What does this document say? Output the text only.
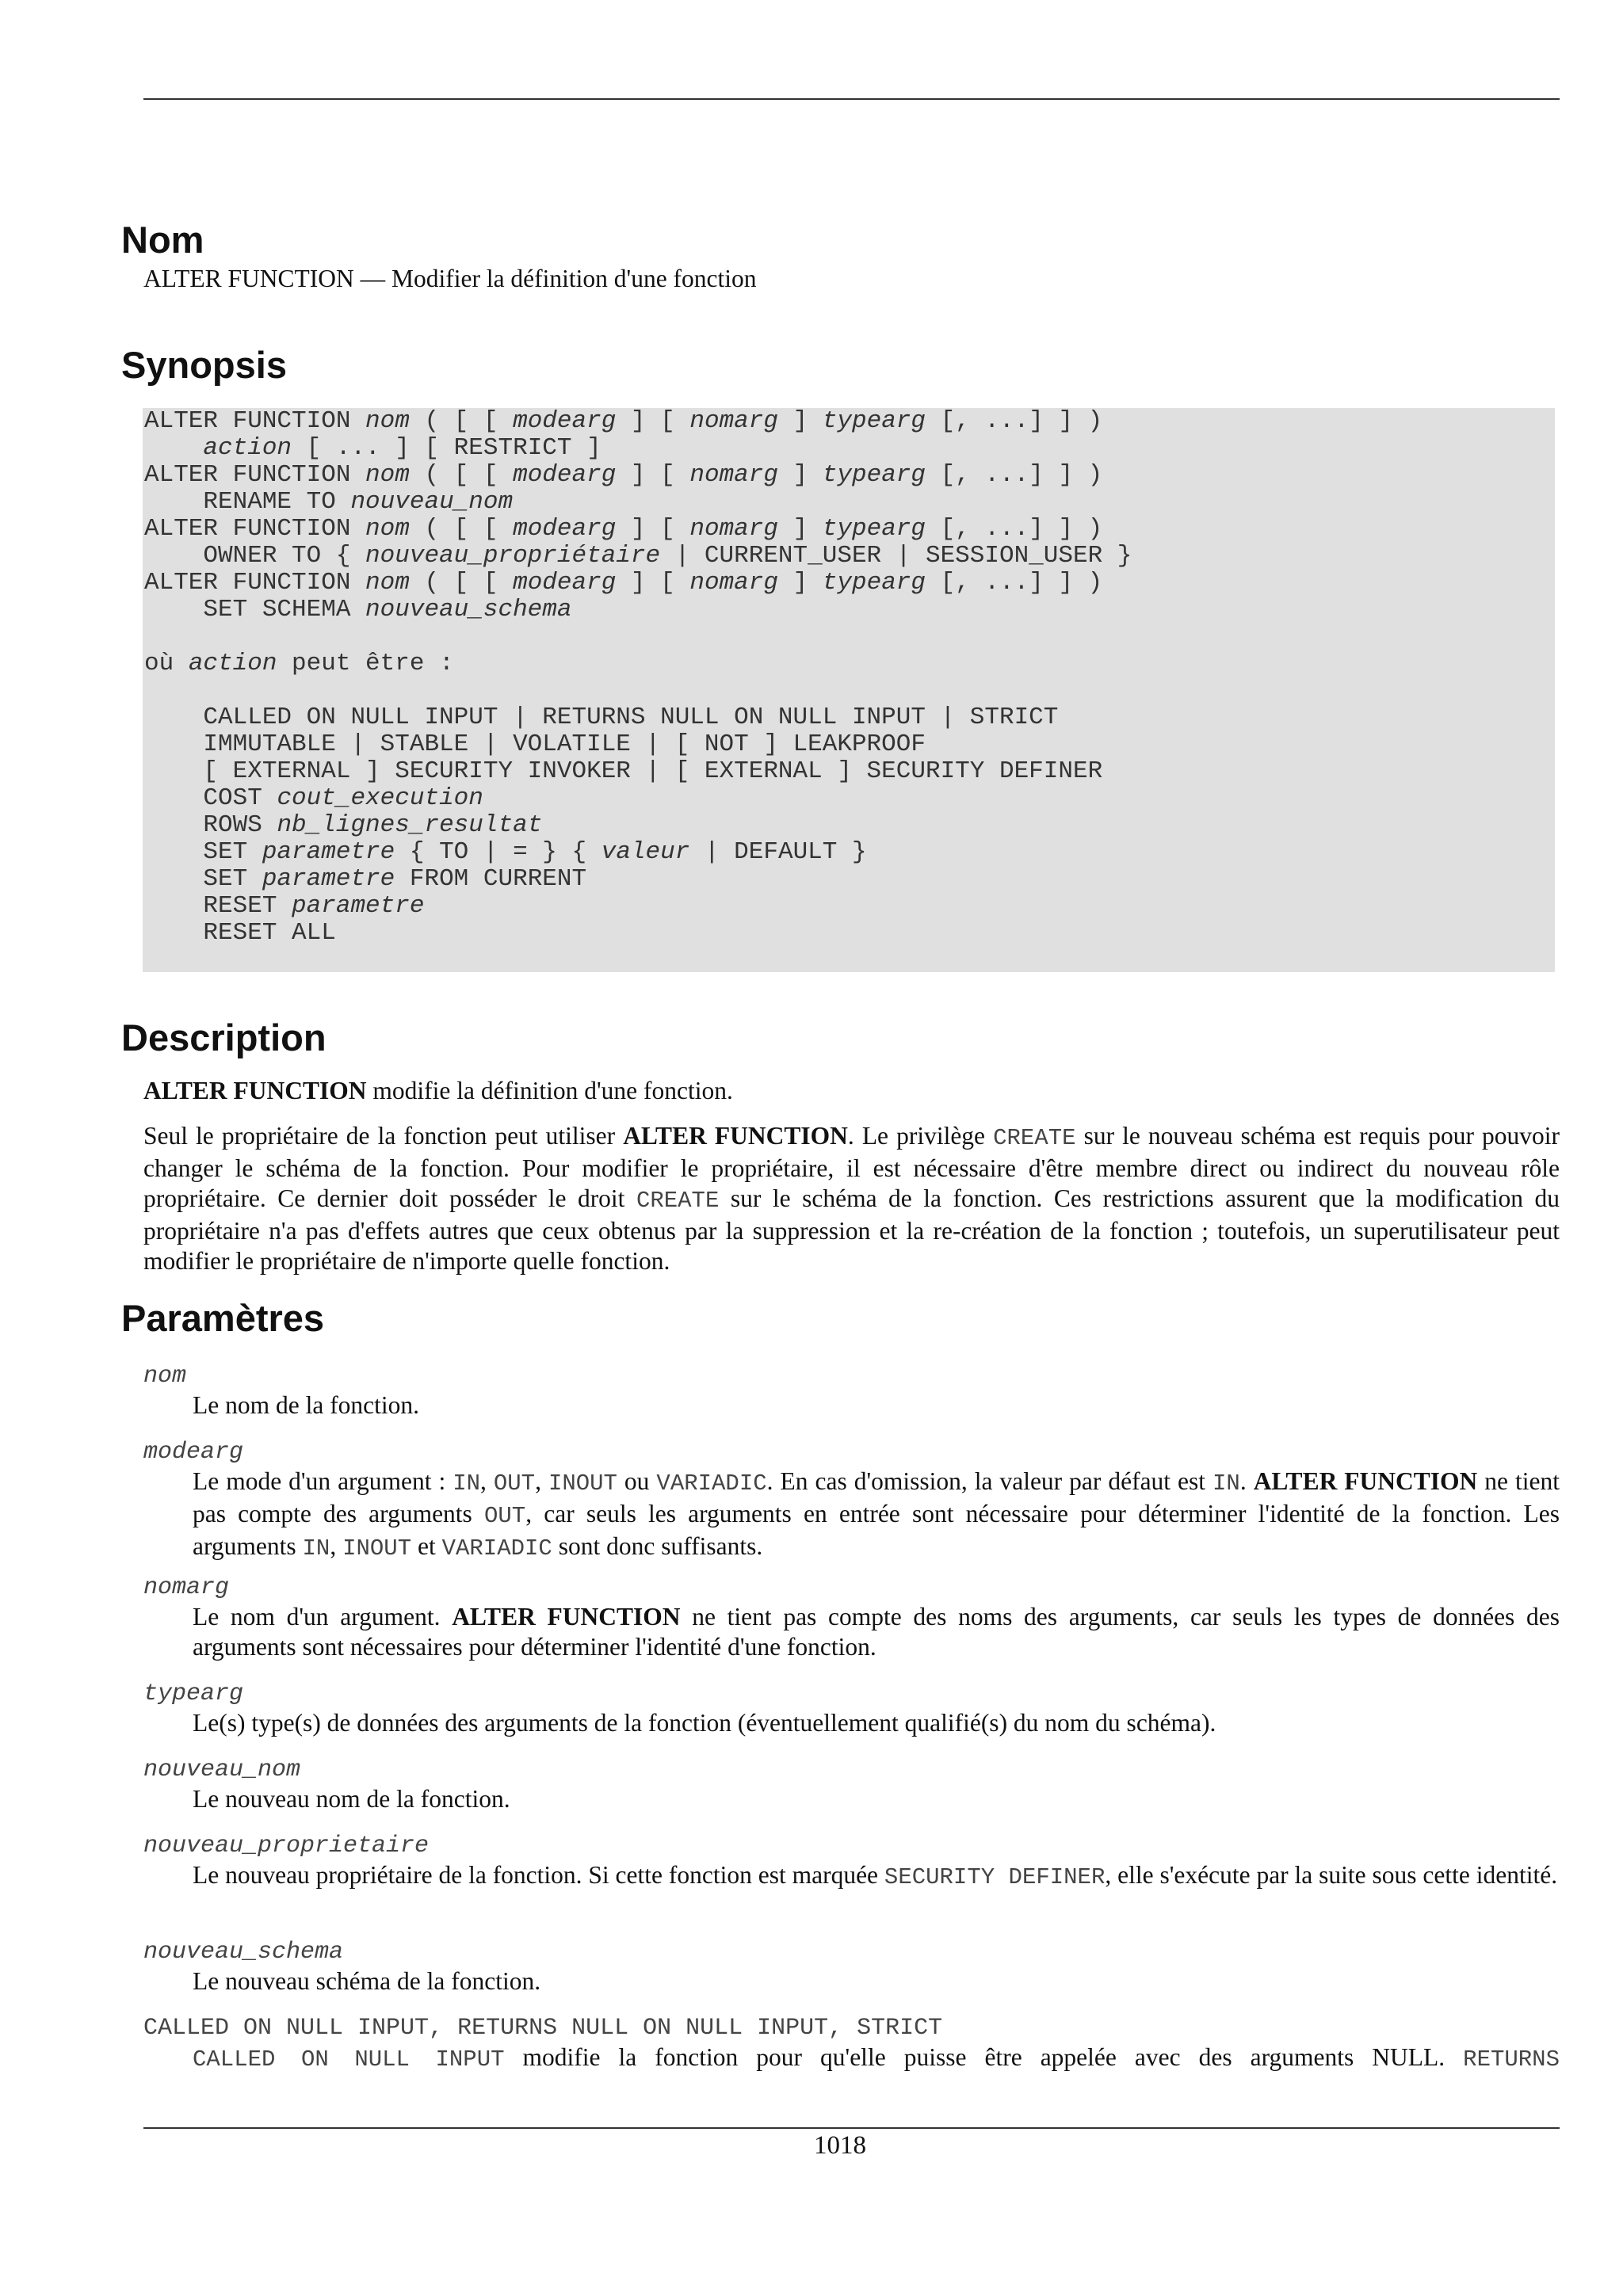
Nom

ALTER FUNCTION — Modifier la définition d'une fonction

Synopsis
ALTER FUNCTION nom ( [ [ modearg ] [ nomarg ] typearg [, ...] ] )
action [ ... ] [ RESTRICT ]
ALTER FUNCTION nom ( [ [ modearg ] [ nomarg ] typearg [, ...] ] )
RENAME TO nouveau_nom
ALTER FUNCTION nom ( [ [ modearg ] [ nomarg ] typearg [, ...] ] )
OWNER TO { nouveau_propriétaire | CURRENT_USER | SESSION_USER }
ALTER FUNCTION nom ( [ [ modearg ] [ nomarg ] typearg [, ...] ] )
SET SCHEMA nouveau_schema

où action peut être :

CALLED ON NULL INPUT | RETURNS NULL ON NULL INPUT | STRICT
IMMUTABLE | STABLE | VOLATILE | [ NOT ] LEAKPROOF
[ EXTERNAL ] SECURITY INVOKER | [ EXTERNAL ] SECURITY DEFINER
COST cout_execution
ROWS nb_lignes_resultat
SET parametre { TO | = } { valeur | DEFAULT }
SET parametre FROM CURRENT
RESET parametre
RESET ALL
Description

ALTER FUNCTION modifie la définition d'une fonction.

Seul le propriétaire de la fonction peut utiliser ALTER FUNCTION. Le privilège CREATE sur le nouveau schéma est requis pour pouvoir changer le schéma de la fonction. Pour modifier le propriétaire, il est nécessaire d'être membre direct ou indirect du nouveau rôle propriétaire. Ce dernier doit posséder le droit CREATE sur le schéma de la fonction. Ces restrictions assurent que la modification du propriétaire n'a pas d'effets autres que ceux obtenus par la suppression et la re-création de la fonction ; toutefois, un superutilisateur peut modifier le propriétaire de n'importe quelle fonction.

Paramètres
nom

Le nom de la fonction.

modearg

Le mode d'un argument : IN, OUT, INOUT ou VARIADIC. En cas d'omission, la valeur par défaut est IN. ALTER FUNCTION ne tient pas compte des arguments OUT, car seuls les arguments en entrée sont nécessaire pour déterminer l'identité de la fonction. Les arguments IN, INOUT et VARIADIC sont donc suffisants.

nomarg

Le nom d'un argument. ALTER FUNCTION ne tient pas compte des noms des arguments, car seuls les types de données des arguments sont nécessaires pour déterminer l'identité d'une fonction.

typearg

Le(s) type(s) de données des arguments de la fonction (éventuellement qualifié(s) du nom du schéma).

nouveau_nom

Le nouveau nom de la fonction.

nouveau_proprietaire

Le nouveau propriétaire de la fonction. Si cette fonction est marquée SECURITY DEFINER, elle s'exécute par la suite sous cette identité.

nouveau_schema

Le nouveau schéma de la fonction.

CALLED ON NULL INPUT, RETURNS NULL ON NULL INPUT, STRICT

CALLED ON NULL INPUT modifie la fonction pour qu'elle puisse être appelée avec des arguments NULL. RETURNS

1018
